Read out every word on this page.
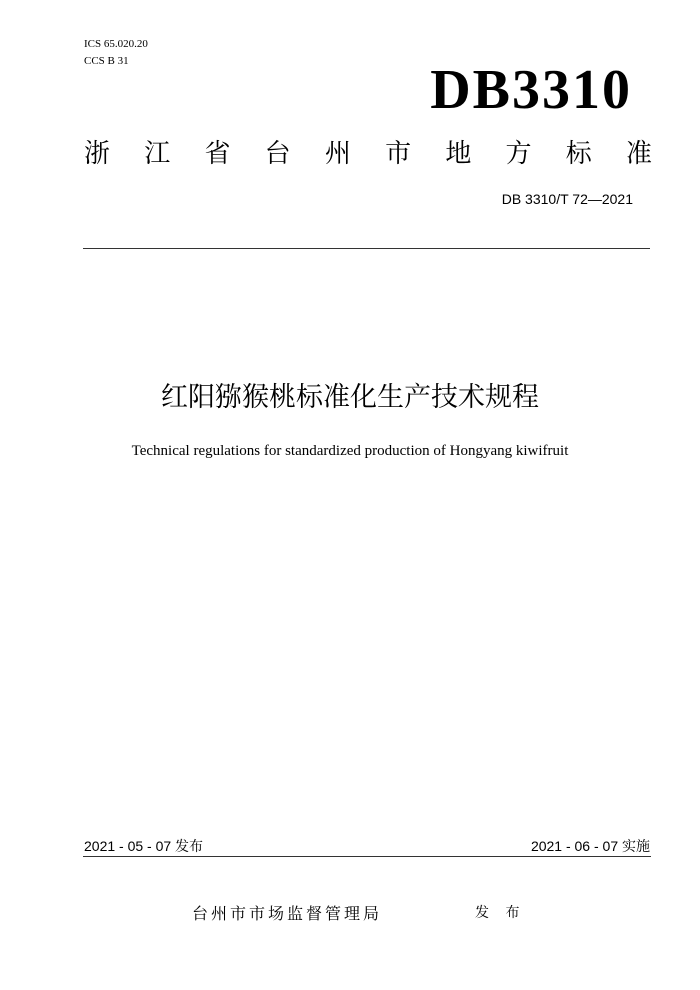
ICS 65.020.20
CCS B 31	DB3310
浙 江 省 台 州 市 地 方 标 准
DB 3310/T 72—2021
红阳猕猴桃标准化生产技术规程
Technical regulations for standardized production of Hongyang kiwifruit
2021 - 05 - 07 发布	2021 - 06 - 07 实施
台州市市场监督管理局	发 布
